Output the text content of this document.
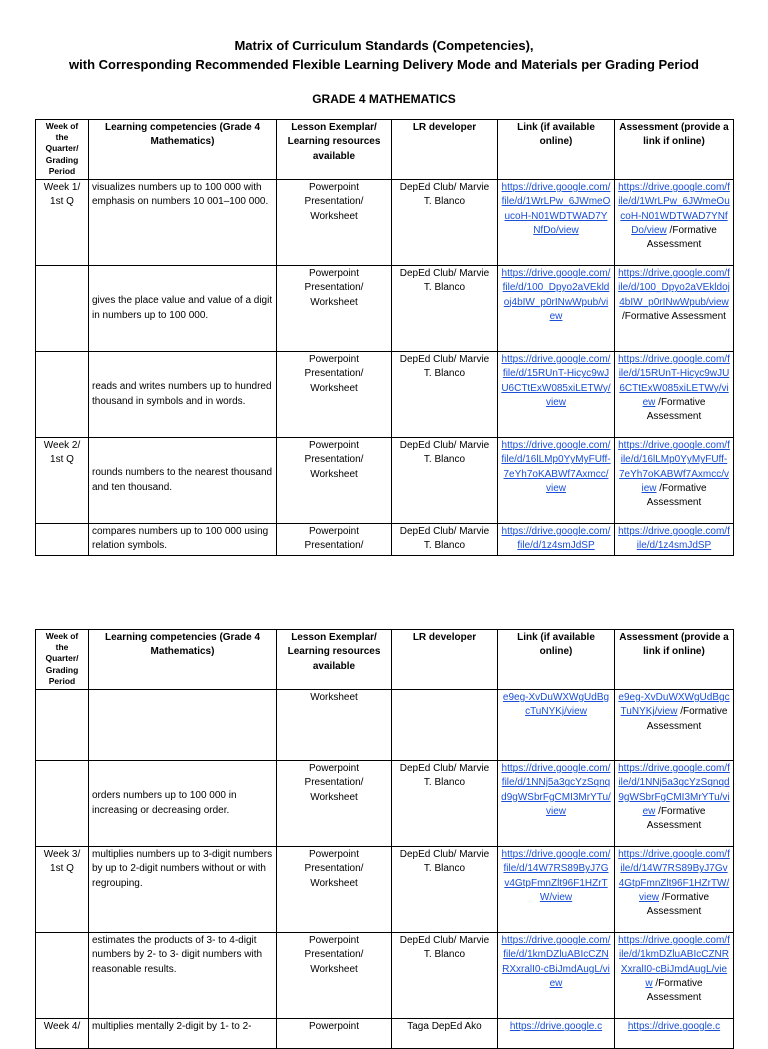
Matrix of Curriculum Standards (Competencies),
with Corresponding Recommended Flexible Learning Delivery Mode and Materials per Grading Period
GRADE 4 MATHEMATICS
Week of the Quarter/ Grading Period	Learning competencies (Grade 4 Mathematics)	Lesson Exemplar/ Learning resources available	LR developer	Link (if available online)	Assessment (provide a link if online)
Week 1/ 1st Q	visualizes numbers up to 100 000 with emphasis on numbers 10 001–100 000.	Powerpoint Presentation/ Worksheet	DepEd Club/ Marvie T. Blanco	https://drive.google.com/file/d/1WrLPw_6JWmeOucoH-N01WDTWAD7YNfDo/view	https://drive.google.com/file/d/1WrLPw_6JWmeOucoH-N01WDTWAD7YNfDo/view /Formative Assessment
	gives the place value and value of a digit in numbers up to 100 000.	Powerpoint Presentation/ Worksheet	DepEd Club/ Marvie T. Blanco	https://drive.google.com/file/d/100_Dpyo2aVEkldoj4bIW_p0rINwWpub/view	https://drive.google.com/file/d/100_Dpyo2aVEkldoj4bIW_p0rINwWpub/view /Formative Assessment
	reads and writes numbers up to hundred thousand in symbols and in words.	Powerpoint Presentation/ Worksheet	DepEd Club/ Marvie T. Blanco	https://drive.google.com/file/d/15RUnT-Hicyc9wJU6CTtExW085xiLETWy/view	https://drive.google.com/file/d/15RUnT-Hicyc9wJU6CTtExW085xiLETWy/view /Formative Assessment
Week 2/ 1st Q	rounds numbers to the nearest thousand and ten thousand.	Powerpoint Presentation/ Worksheet	DepEd Club/ Marvie T. Blanco	https://drive.google.com/file/d/16lLMp0YyMyFUff-7eYh7oKABWf7Axmcc/view	https://drive.google.com/file/d/16lLMp0YyMyFUff-7eYh7oKABWf7Axmcc/view /Formative Assessment
	compares numbers up to 100 000 using relation symbols.	Powerpoint Presentation/	DepEd Club/ Marvie T. Blanco	https://drive.google.com/file/d/1z4smJdSP	https://drive.google.com/file/d/1z4smJdSP
Week of the Quarter/ Grading Period	Learning competencies (Grade 4 Mathematics)	Lesson Exemplar/ Learning resources available	LR developer	Link (if available online)	Assessment (provide a link if online)
		Worksheet		e9eg-XvDuWXWgUdBgcTuNYKj/view	e9eg-XvDuWXWgUdBgcTuNYKj/view /Formative Assessment
	orders numbers up to 100 000 in increasing or decreasing order.	Powerpoint Presentation/ Worksheet	DepEd Club/ Marvie T. Blanco	https://drive.google.com/file/d/1NNj5a3gcYzSqnqd9gWSbrFgCMI3MrYTu/view	https://drive.google.com/file/d/1NNj5a3gcYzSqnqd9gWSbrFgCMI3MrYTu/view /Formative Assessment
Week 3/ 1st Q	multiplies numbers up to 3-digit numbers by up to 2-digit numbers without or with regrouping.	Powerpoint Presentation/ Worksheet	DepEd Club/ Marvie T. Blanco	https://drive.google.com/file/d/14W7RS89ByJ7Gv4GtpFmnZlt96F1HZrTW/view	https://drive.google.com/file/d/14W7RS89ByJ7Gv4GtpFmnZlt96F1HZrTW/view /Formative Assessment
	estimates the products of 3- to 4-digit numbers by 2- to 3- digit numbers with reasonable results.	Powerpoint Presentation/ Worksheet	DepEd Club/ Marvie T. Blanco	https://drive.google.com/file/d/1kmDZluABIcCZNRXxralI0-cBiJmdAugL/view	https://drive.google.com/file/d/1kmDZluABIcCZNRXxralI0-cBiJmdAugL/view /Formative Assessment
Week 4/	multiplies mentally 2-digit by 1- to 2-	Powerpoint	Taga DepEd Ako	https://drive.google.c	https://drive.google.c
